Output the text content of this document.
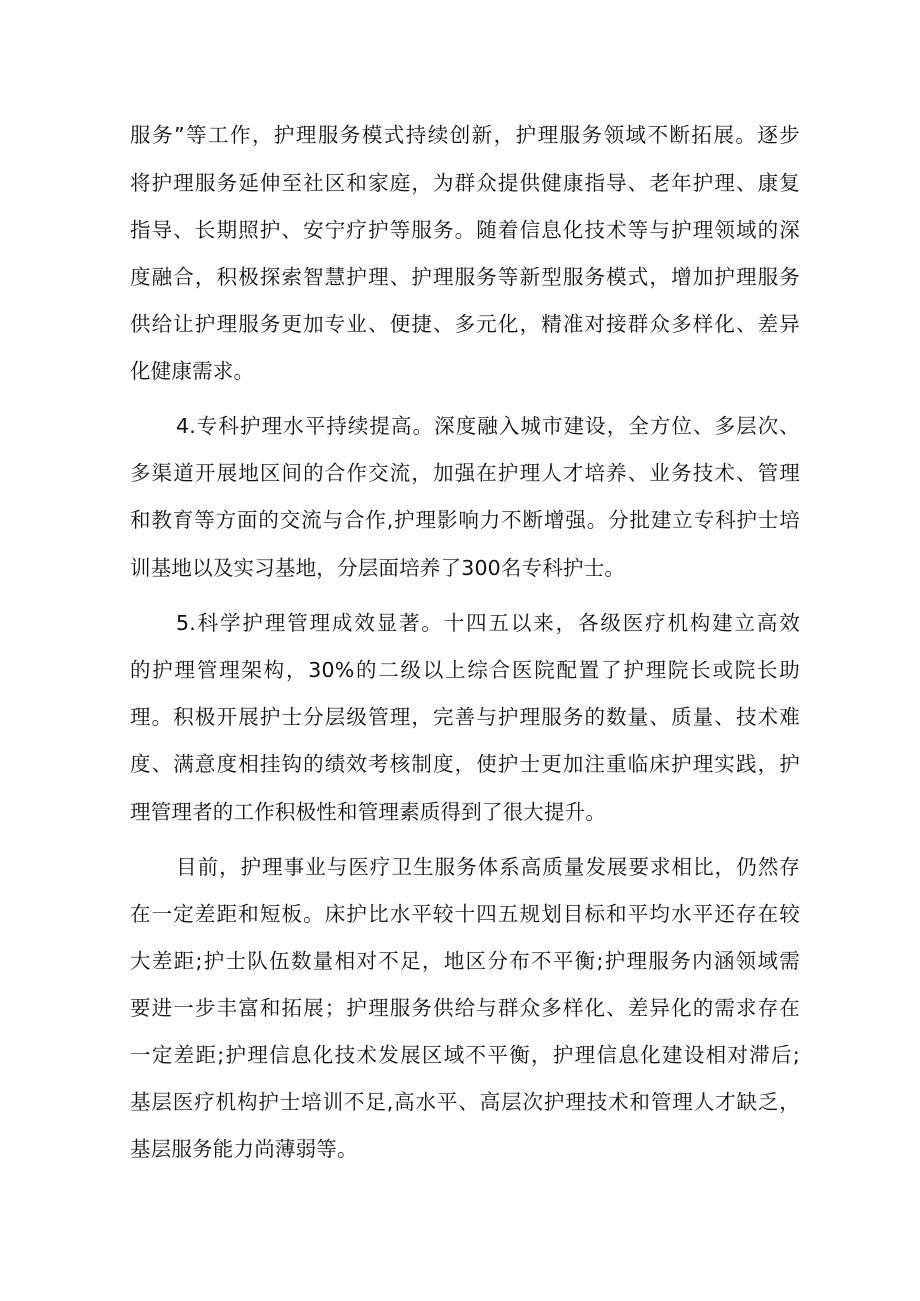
服务”等工作，护理服务模式持续创新，护理服务领域不断拓展。逐步
将护理服务延伸至社区和家庭，为群众提供健康指导、老年护理、康复
指导、长期照护、安宁疗护等服务。随着信息化技术等与护理领域的深
度融合，积极探索智慧护理、护理服务等新型服务模式，增加护理服务
供给让护理服务更加专业、便捷、多元化，精准对接群众多样化、差异
化健康需求。
4.专科护理水平持续提高。深度融入城市建设，全方位、多层次、
多渠道开展地区间的合作交流，加强在护理人才培养、业务技术、管理
和教育等方面的交流与合作,护理影响力不断增强。分批建立专科护士培
训基地以及实习基地，分层面培养了300名专科护士。
5.科学护理管理成效显著。十四五以来，各级医疗机构建立高效
的护理管理架构，30%的二级以上综合医院配置了护理院长或院长助
理。积极开展护士分层级管理，完善与护理服务的数量、质量、技术难
度、满意度相挂钩的绩效考核制度，使护士更加注重临床护理实践，护
理管理者的工作积极性和管理素质得到了很大提升。
目前，护理事业与医疗卫生服务体系高质量发展要求相比，仍然存
在一定差距和短板。床护比水平较十四五规划目标和平均水平还存在较
大差距;护士队伍数量相对不足，地区分布不平衡;护理服务内涵领域需
要进一步丰富和拓展；护理服务供给与群众多样化、差异化的需求存在
一定差距;护理信息化技术发展区域不平衡，护理信息化建设相对滞后;
基层医疗机构护士培训不足,高水平、高层次护理技术和管理人才缺乏，
基层服务能力尚薄弱等。
